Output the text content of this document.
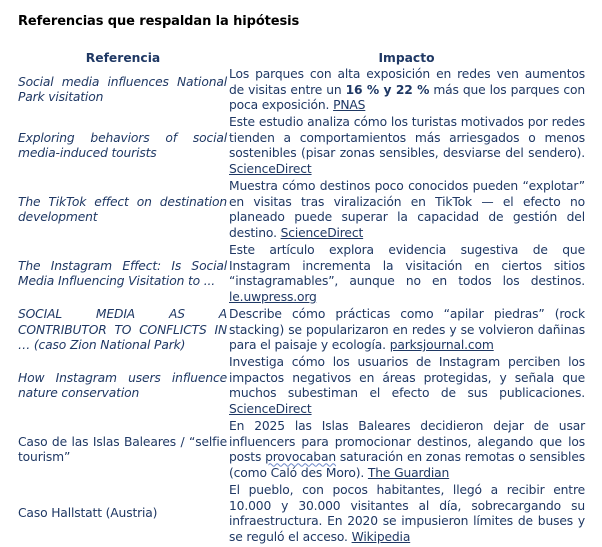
Referencias que respaldan la hipótesis
Referencia	Impacto
Social media influences National Park visitation	Los parques con alta exposición en redes ven aumentos de visitas entre un 16 % y 22 % más que los parques con poca exposición. PNAS
Exploring behaviors of social media-induced tourists	Este estudio analiza cómo los turistas motivados por redes tienden a comportamientos más arriesgados o menos sostenibles (pisar zonas sensibles, desviarse del sendero). ScienceDirect
The TikTok effect on destination development	Muestra cómo destinos poco conocidos pueden “explotar” en visitas tras viralización en TikTok — el efecto no planeado puede superar la capacidad de gestión del destino. ScienceDirect
The Instagram Effect: Is Social Media Influencing Visitation to ...	Este artículo explora evidencia sugestiva de que Instagram incrementa la visitación en ciertos sitios “instagramables”, aunque no en todos los destinos. le.uwpress.org
SOCIAL MEDIA AS A CONTRIBUTOR TO CONFLICTS IN … (caso Zion National Park)	Describe cómo prácticas como “apilar piedras” (rock stacking) se popularizaron en redes y se volvieron dañinas para el paisaje y ecología. parksjournal.com
How Instagram users influence nature conservation	Investiga cómo los usuarios de Instagram perciben los impactos negativos en áreas protegidas, y señala que muchos subestiman el efecto de sus publicaciones. ScienceDirect
Caso de las Islas Baleares / “selfie tourism”	En 2025 las Islas Baleares decidieron dejar de usar influencers para promocionar destinos, alegando que los posts provocaban saturación en zonas remotas o sensibles (como Caló des Moro). The Guardian
Caso Hallstatt (Austria)	El pueblo, con pocos habitantes, llegó a recibir entre 10.000 y 30.000 visitantes al día, sobrecargando su infraestructura. En 2020 se impusieron límites de buses y se reguló el acceso. Wikipedia
